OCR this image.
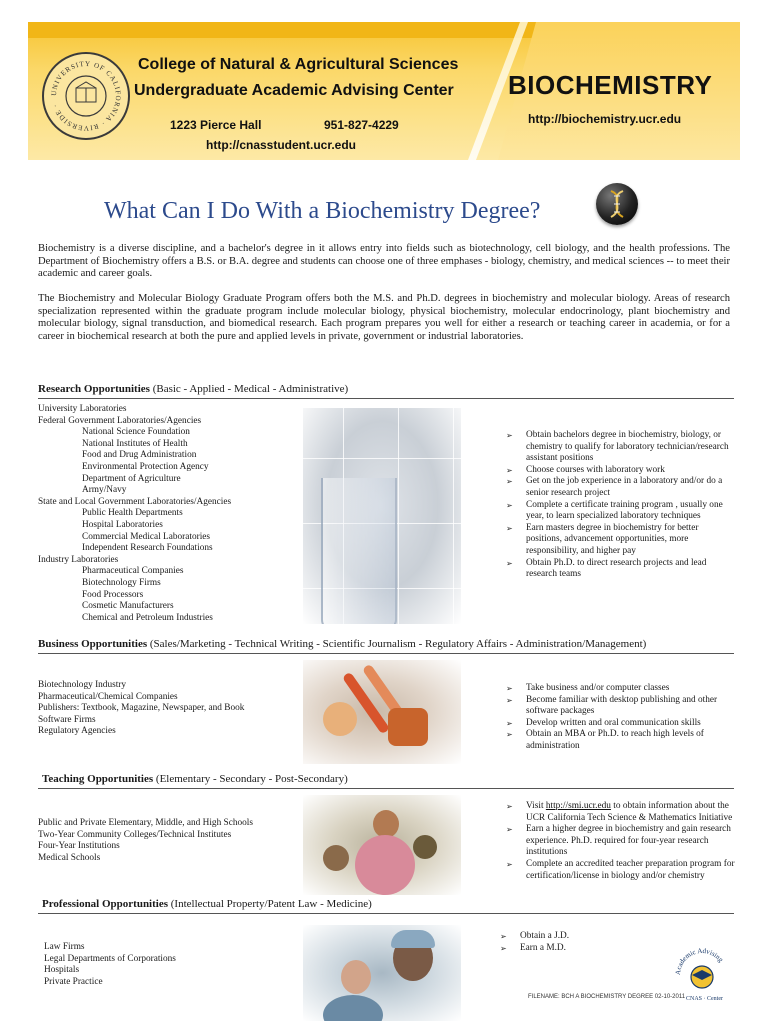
UNIVERSITY OF CALIFORNIA · RIVERSIDE ·
College of Natural & Agricultural Sciences
Undergraduate Academic Advising Center
1223 Pierce Hall	951-827-4229
http://cnasstudent.ucr.edu
BIOCHEMISTRY
http://biochemistry.ucr.edu
What Can I Do With a Biochemistry Degree?

Biochemistry is a diverse discipline, and a bachelor's degree in it allows entry into fields such as biotechnology, cell biology, and the health professions. The Department of Biochemistry offers a B.S. or B.A. degree and students can choose one of three emphases - biology, chemistry, and medical sciences -- to meet their academic and career goals.

The Biochemistry and Molecular Biology Graduate Program offers both the M.S. and Ph.D. degrees in biochemistry and molecular biology. Areas of research specialization represented within the graduate program include molecular biology, physical biochemistry, molecular endocrinology, plant biochemistry and molecular biology, signal transduction, and biomedical research. Each program prepares you well for either a research or teaching career in academia, or for a career in biochemical research at both the pure and applied levels in private, government or industrial laboratories.

Research Opportunities (Basic - Applied - Medical - Administrative)
University Laboratories
Federal Government Laboratories/Agencies
National Science Foundation
National Institutes of Health
Food and Drug Administration
Environmental Protection Agency
Department of Agriculture
Army/Navy
State and Local Government Laboratories/Agencies
Public Health Departments
Hospital Laboratories
Commercial Medical Laboratories
Independent Research Foundations
Industry Laboratories
Pharmaceutical Companies
Biotechnology Firms
Food Processors
Cosmetic Manufacturers
Chemical and Petroleum Industries
➢ Obtain bachelors degree in biochemistry, biology, or chemistry to qualify for laboratory technician/research assistant positions
➢ Choose courses with laboratory work
➢ Get on the job experience in a laboratory and/or do a senior research project
➢ Complete a certificate training program , usually one year, to learn specialized laboratory techniques
➢ Earn masters degree in biochemistry for better positions, advancement opportunities, more responsibility, and higher pay
➢ Obtain Ph.D. to direct research projects and lead research teams
Business Opportunities (Sales/Marketing - Technical Writing - Scientific Journalism - Regulatory Affairs - Administration/Management)
Biotechnology Industry
Pharmaceutical/Chemical Companies
Publishers: Textbook, Magazine, Newspaper, and Book
Software Firms
Regulatory Agencies
➢ Take business and/or computer classes
➢ Become familiar with desktop publishing and other software packages
➢ Develop written and oral communication skills
➢ Obtain an MBA or Ph.D. to reach high levels of administration
Teaching Opportunities (Elementary - Secondary - Post-Secondary)
Public and Private Elementary, Middle, and High Schools
Two-Year Community Colleges/Technical Institutes
Four-Year Institutions
Medical Schools
➢ Visit http://smi.ucr.edu to obtain information about the UCR California Tech Science & Mathematics Initiative
➢ Earn a higher degree in biochemistry and gain research experience. Ph.D. required for four-year research institutions
➢ Complete an accredited teacher preparation program for certification/license in biology and/or chemistry
Professional Opportunities (Intellectual Property/Patent Law - Medicine)
Law Firms
Legal Departments of Corporations
Hospitals
Private Practice
➢ Obtain a J.D.
➢ Earn a M.D.
Academic Advising
CNAS · Center
FILENAME: BCH A BIOCHEMISTRY DEGREE 02-10-2011
